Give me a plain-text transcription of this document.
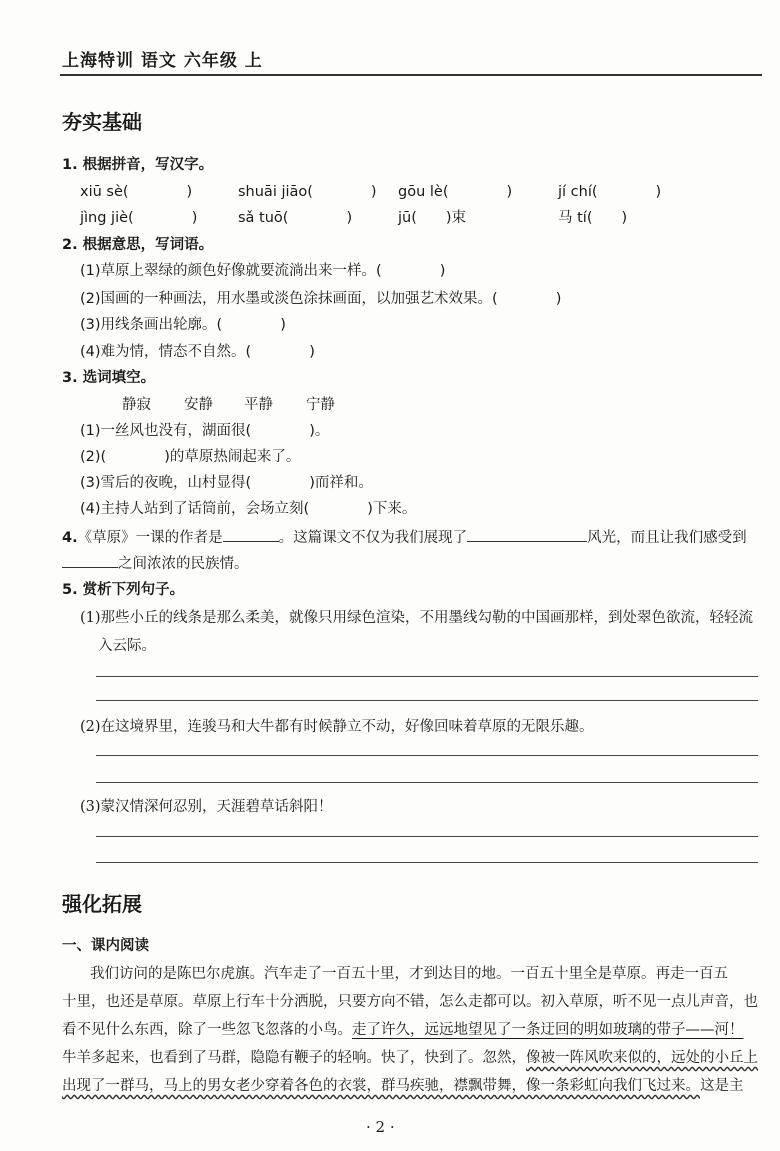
上海特训 语文 六年级 上
夯实基础
1. 根据拼音，写汉字。
xiū sè(　　　　)	shuāi jiāo(　　　　) gōu lè(　　　　)	jí chí(　　　　)
jìng jiè(　　　　)	sǎ tuō(　　　　)	jū(　　)束	马 tí(　　)
2. 根据意思，写词语。
(1)草原上翠绿的颜色好像就要流淌出来一样。(　　　　)
(2)国画的一种画法，用水墨或淡色涂抹画面，以加强艺术效果。(　　　　)
(3)用线条画出轮廓。(　　　　)
(4)难为情，情态不自然。(　　　　)
3. 选词填空。
静寂 安静 平静 宁静
(1)一丝风也没有，湖面很(　　　　)。
(2)(　　　　)的草原热闹起来了。
(3)雪后的夜晚，山村显得(　　　　)而祥和。
(4)主持人站到了话筒前，会场立刻(　　　　)下来。
4.《草原》一课的作者是	。这篇课文不仅为我们展现了	风光，而且让我们感受到
之间浓浓的民族情。
5. 赏析下列句子。
(1)那些小丘的线条是那么柔美，就像只用绿色渲染，不用墨线勾勒的中国画那样，到处翠色欲流，轻轻流
入云际。
(2)在这境界里，连骏马和大牛都有时候静立不动，好像回味着草原的无限乐趣。
(3)蒙汉情深何忍别，天涯碧草话斜阳！
强化拓展
一、课内阅读
我们访问的是陈巴尔虎旗。汽车走了一百五十里，才到达目的地。一百五十里全是草原。再走一百五
十里，也还是草原。草原上行车十分洒脱，只要方向不错，怎么走都可以。初入草原，听不见一点儿声音，也
看不见什么东西，除了一些忽飞忽落的小鸟。走了许久，远远地望见了一条迂回的明如玻璃的带子——河！
牛羊多起来，也看到了马群，隐隐有鞭子的轻响。快了，快到了。忽然，像被一阵风吹来似的，远处的小丘上
出现了一群马，马上的男女老少穿着各色的衣裳，群马疾驰，襟飘带舞，像一条彩虹向我们飞过来。这是主
· 2 ·
